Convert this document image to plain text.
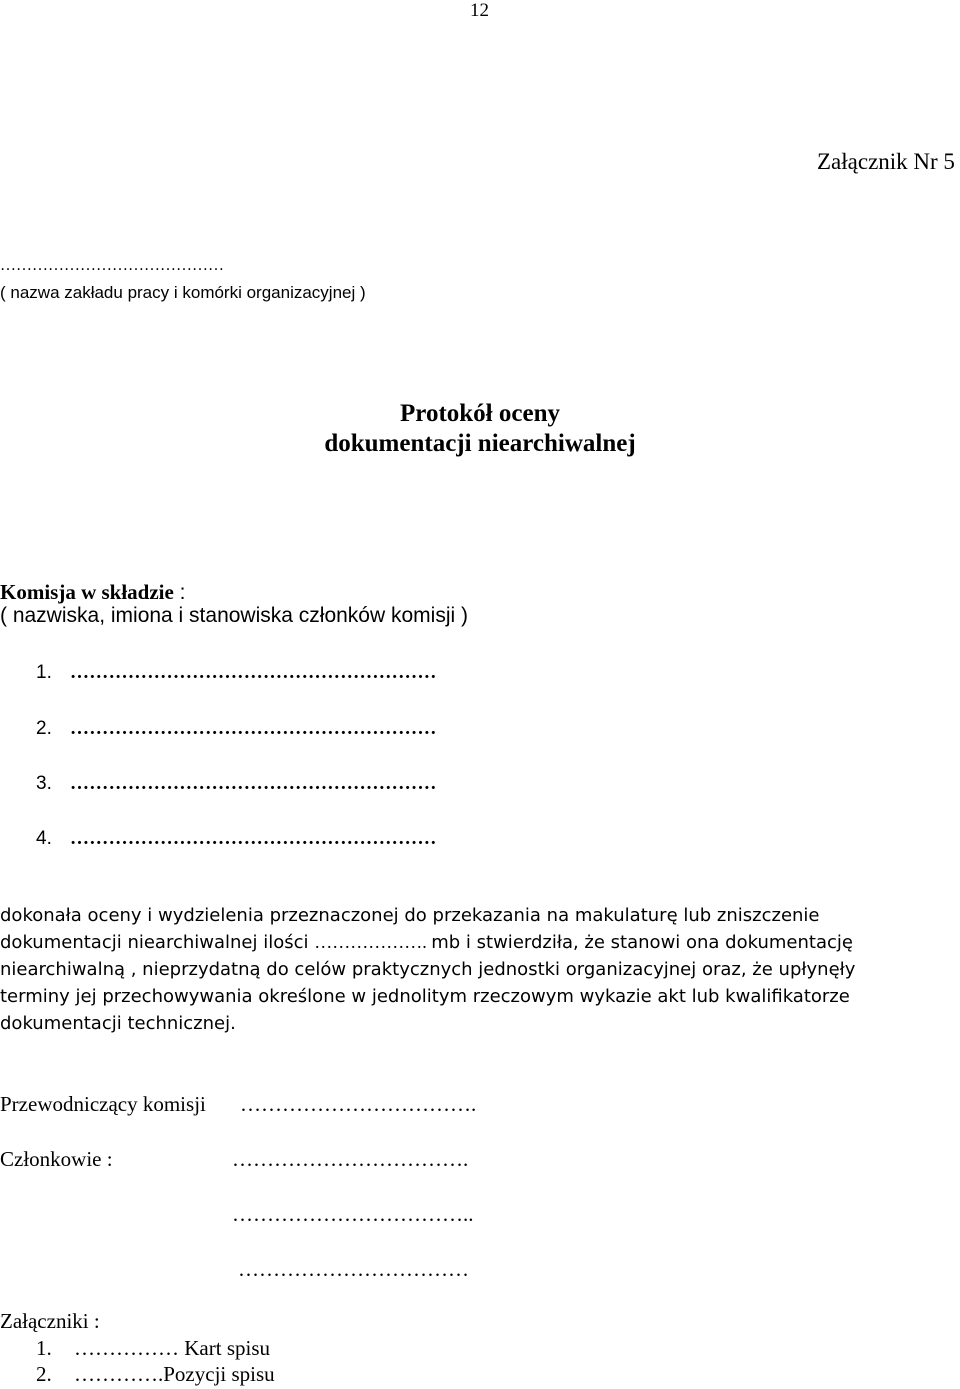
12
Załącznik Nr 5
……………………………………
( nazwa zakładu pracy i komórki organizacyjnej )
Protokół oceny
dokumentacji niearchiwalnej
Komisja w składzie :
( nazwiska, imiona i stanowiska członków komisji )
1. …………………………………………………
2. …………………………………………………
3. …………………………………………………
4. …………………………………………………
dokonała oceny i wydzielenia przeznaczonej do przekazania na makulaturę lub zniszczenie dokumentacji niearchiwalnej ilości ………………. mb i stwierdziła, że stanowi ona dokumentację niearchiwalną , nieprzydatną do celów praktycznych jednostki organizacyjnej oraz, że upłynęły terminy jej przechowywania określone w jednolitym rzeczowym wykazie akt lub kwalifikatorze dokumentacji technicznej.
Przewodniczący komisji …………………………….
Członkowie :	…………………………….
……………………………..
……………………………
Załączniki :
1. …………… Kart spisu
2. ………….Pozycji spisu
